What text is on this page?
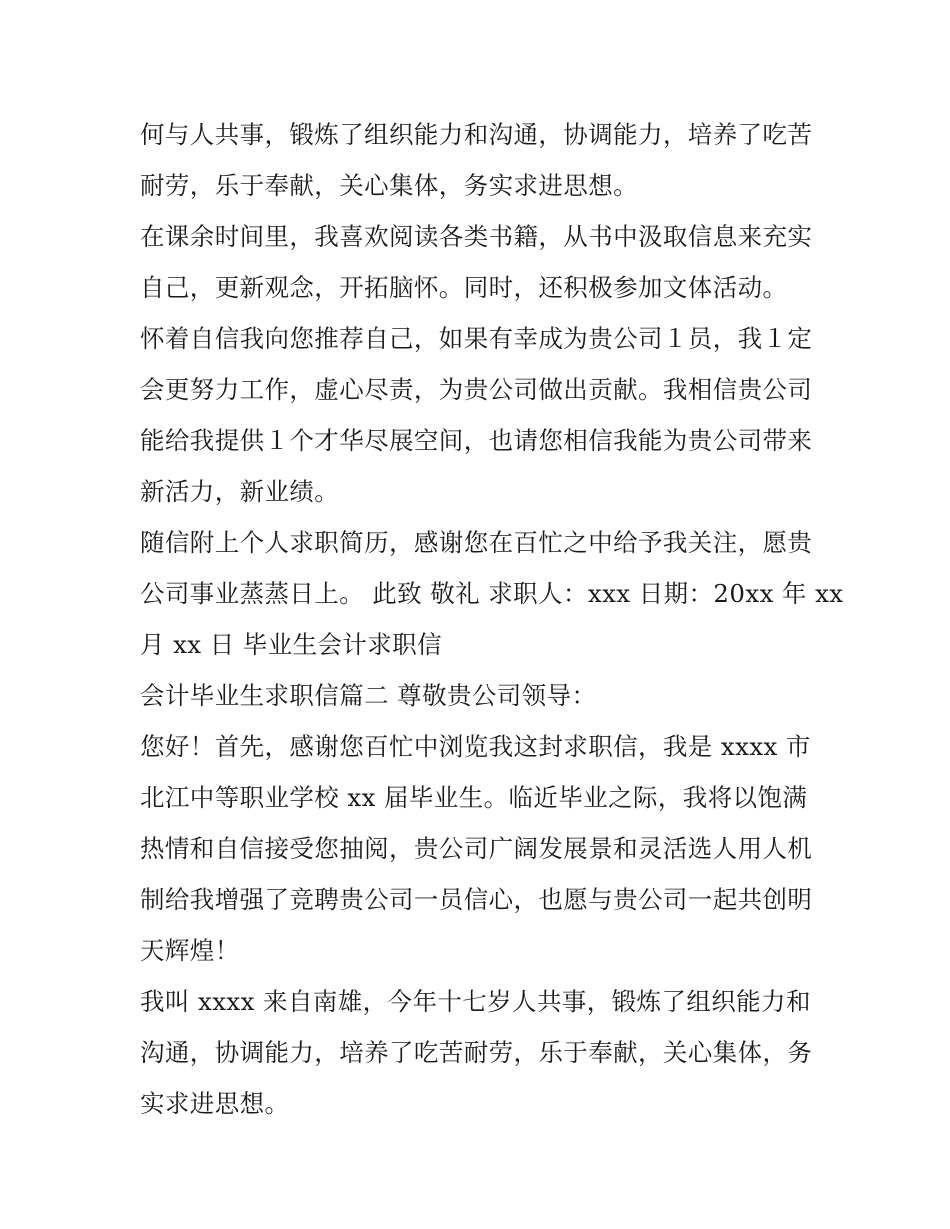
何与人共事，锻炼了组织能力和沟通，协调能力，培养了吃苦
耐劳，乐于奉献，关心集体，务实求进思想。
在课余时间里，我喜欢阅读各类书籍，从书中汲取信息来充实
自己，更新观念，开拓脑怀。同时，还积极参加文体活动。
怀着自信我向您推荐自己，如果有幸成为贵公司１员，我１定
会更努力工作，虚心尽责，为贵公司做出贡献。我相信贵公司
能给我提供１个才华尽展空间，也请您相信我能为贵公司带来
新活力，新业绩。
随信附上个人求职简历，感谢您在百忙之中给予我关注，愿贵
公司事业蒸蒸日上。 此致 敬礼 求职人：xxx 日期：20xx 年 xx
月 xx 日 毕业生会计求职信
会计毕业生求职信篇二 尊敬贵公司领导：
您好！首先，感谢您百忙中浏览我这封求职信，我是 xxxx 市
北江中等职业学校 xx 届毕业生。临近毕业之际，我将以饱满
热情和自信接受您抽阅，贵公司广阔发展景和灵活选人用人机
制给我增强了竞聘贵公司一员信心，也愿与贵公司一起共创明
天辉煌！
我叫 xxxx 来自南雄，今年十七岁人共事，锻炼了组织能力和
沟通，协调能力，培养了吃苦耐劳，乐于奉献，关心集体，务
实求进思想。
